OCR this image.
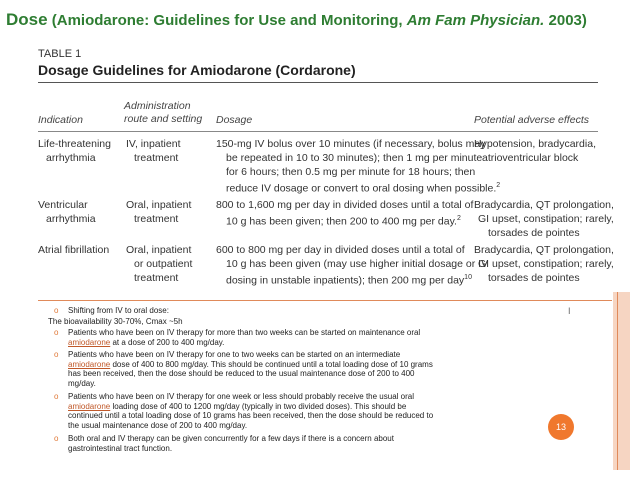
Dose (Amiodarone: Guidelines for Use and Monitoring, Am Fam Physician. 2003)
TABLE 1
Dosage Guidelines for Amiodarone (Cordarone)
Indication
Administration
route and setting Dosage	Potential adverse effects
Life-threatening
arrhythmia
IV, inpatient
treatment
150-mg IV bolus over 10 minutes (if necessary, bolus may
be repeated in 10 to 30 minutes); then 1 mg per minute
for 6 hours; then 0.5 mg per minute for 18 hours; then
reduce IV dosage or convert to oral dosing when possible.$^2$
Hypotension, bradycardia,
atrioventricular block
Ventricular
arrhythmia
Oral, inpatient
treatment
800 to 1,600 mg per day in divided doses until a total of
10 g has been given; then 200 to 400 mg per day.$^2$
Bradycardia, QT prolongation,
GI upset, constipation; rarely,
torsades de pointes
Atrial fibrillation Oral, inpatient
or outpatient
treatment
600 to 800 mg per day in divided doses until a total of
10 g has been given (may use higher initial dosage or IV
dosing in unstable inpatients); then 200 mg per day$^{10}$
Bradycardia, QT prolongation,
GI upset, constipation; rarely,
torsades de pointes
o Shifting from IV to oral dose:
The bioavailability 30-70%, Cmax ~5h
o Patients who have been on IV therapy for more than two weeks can be started on maintenance oral
amiodarone at a dose of 200 to 400 mg/day.
o Patients who have been on IV therapy for one to two weeks can be started on an intermediate
amiodarone dose of 400 to 800 mg/day. This should be continued until a total loading dose of 10 grams
has been received, then the dose should be reduced to the usual maintenance dose of 200 to 400
mg/day.
o Patients who have been on IV therapy for one week or less should probably receive the usual oral
amiodarone loading dose of 400 to 1200 mg/day (typically in two divided doses). This should be
continued until a total loading dose of 10 grams has been received, then the dose should be reduced to
the usual maintenance dose of 200 to 400 mg/day.
o Both oral and IV therapy can be given concurrently for a few days if there is a concern about
gastrointestinal tract function.
I
13
